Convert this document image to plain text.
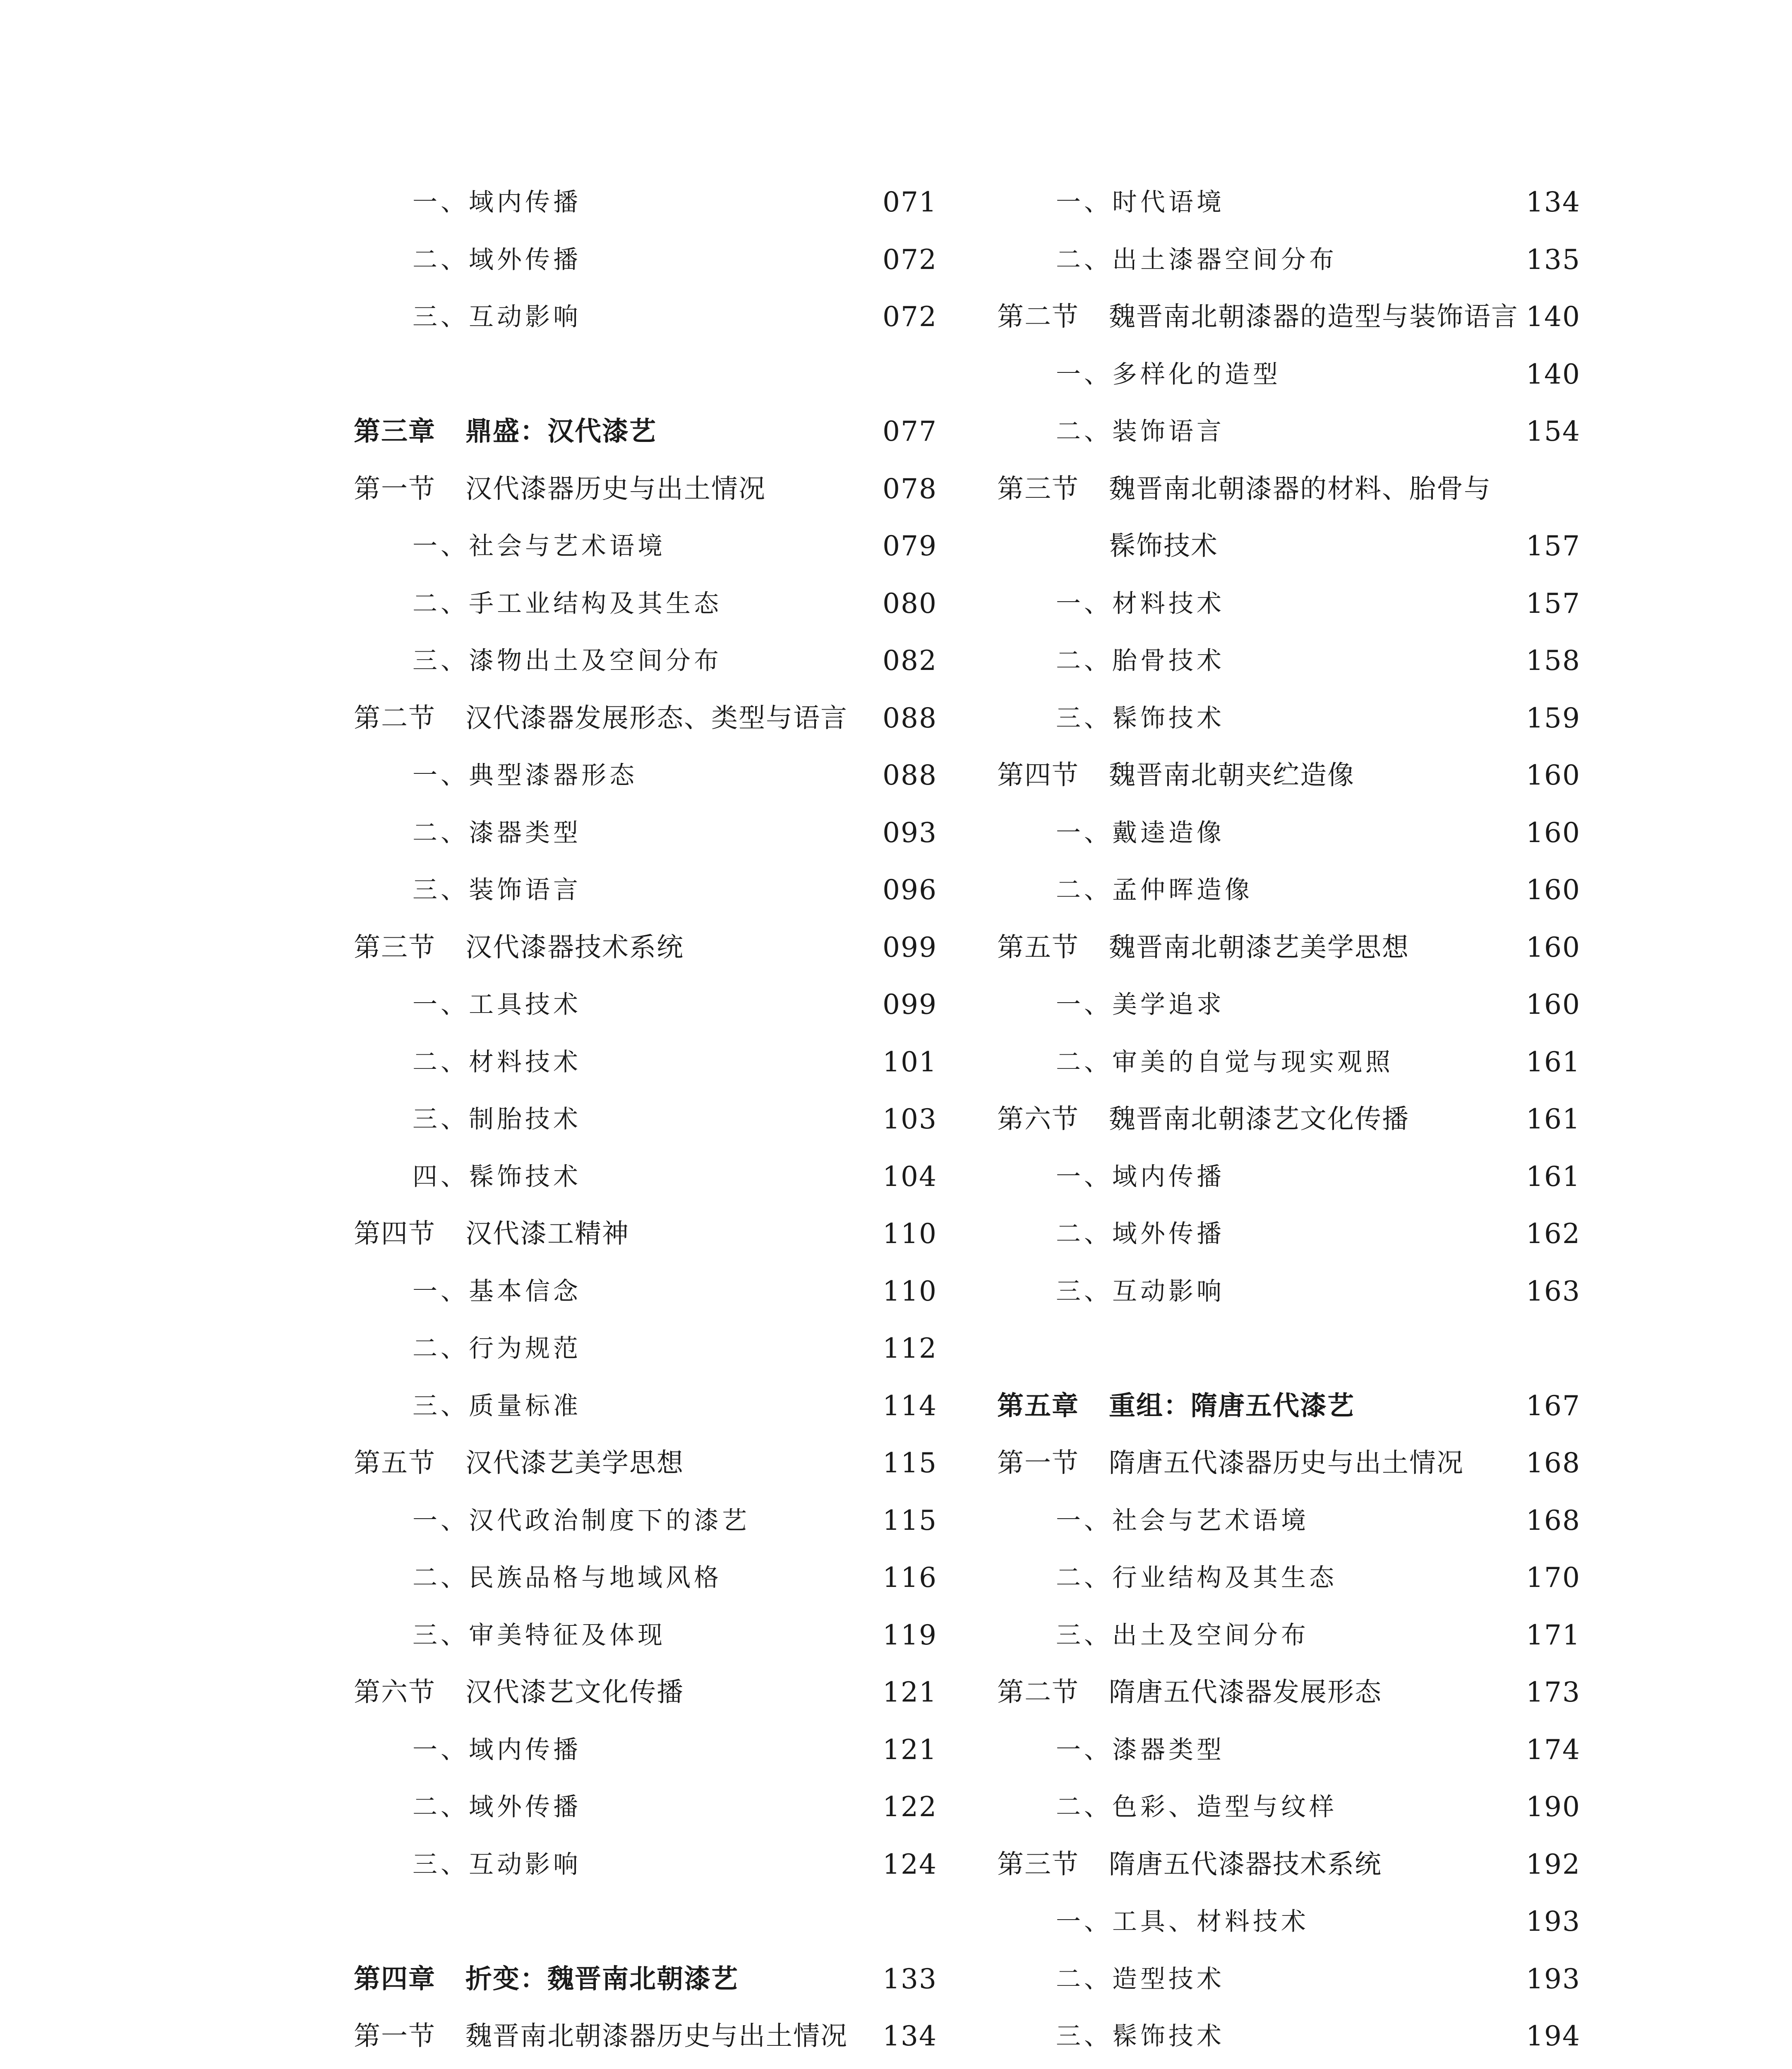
一、域内传播	071
二、域外传播	072
三、互动影响	072
第三章 鼎盛：汉代漆艺	077
第一节 汉代漆器历史与出土情况	078
一、社会与艺术语境	079
二、手工业结构及其生态	080
三、漆物出土及空间分布	082
第二节 汉代漆器发展形态、类型与语言 088
一、典型漆器形态	088
二、漆器类型	093
三、装饰语言	096
第三节 汉代漆器技术系统	099
一、工具技术	099
二、材料技术	101
三、制胎技术	103
四、髹饰技术	104
第四节 汉代漆工精神	110
一、基本信念	110
二、行为规范	112
三、质量标准	114
第五节 汉代漆艺美学思想	115
一、汉代政治制度下的漆艺	115
二、民族品格与地域风格	116
三、审美特征及体现	119
第六节 汉代漆艺文化传播	121
一、域内传播	121
二、域外传播	122
三、互动影响	124
第四章 折变：魏晋南北朝漆艺	133
第一节 魏晋南北朝漆器历史与出土情况 134
一、时代语境	134
二、出土漆器空间分布	135
第二节 魏晋南北朝漆器的造型与装饰语言 140
一、多样化的造型	140
二、装饰语言	154
第三节 魏晋南北朝漆器的材料、胎骨与
髹饰技术	157
一、材料技术	157
二、胎骨技术	158
三、髹饰技术	159
第四节 魏晋南北朝夹纻造像	160
一、戴逵造像	160
二、孟仲晖造像	160
第五节 魏晋南北朝漆艺美学思想	160
一、美学追求	160
二、审美的自觉与现实观照	161
第六节 魏晋南北朝漆艺文化传播	161
一、域内传播	161
二、域外传播	162
三、互动影响	163
第五章 重组：隋唐五代漆艺	167
第一节 隋唐五代漆器历史与出土情况 168
一、社会与艺术语境	168
二、行业结构及其生态	170
三、出土及空间分布	171
第二节 隋唐五代漆器发展形态	173
一、漆器类型	174
二、色彩、造型与纹样	190
第三节 隋唐五代漆器技术系统	192
一、工具、材料技术	193
二、造型技术	193
三、髹饰技术	194
